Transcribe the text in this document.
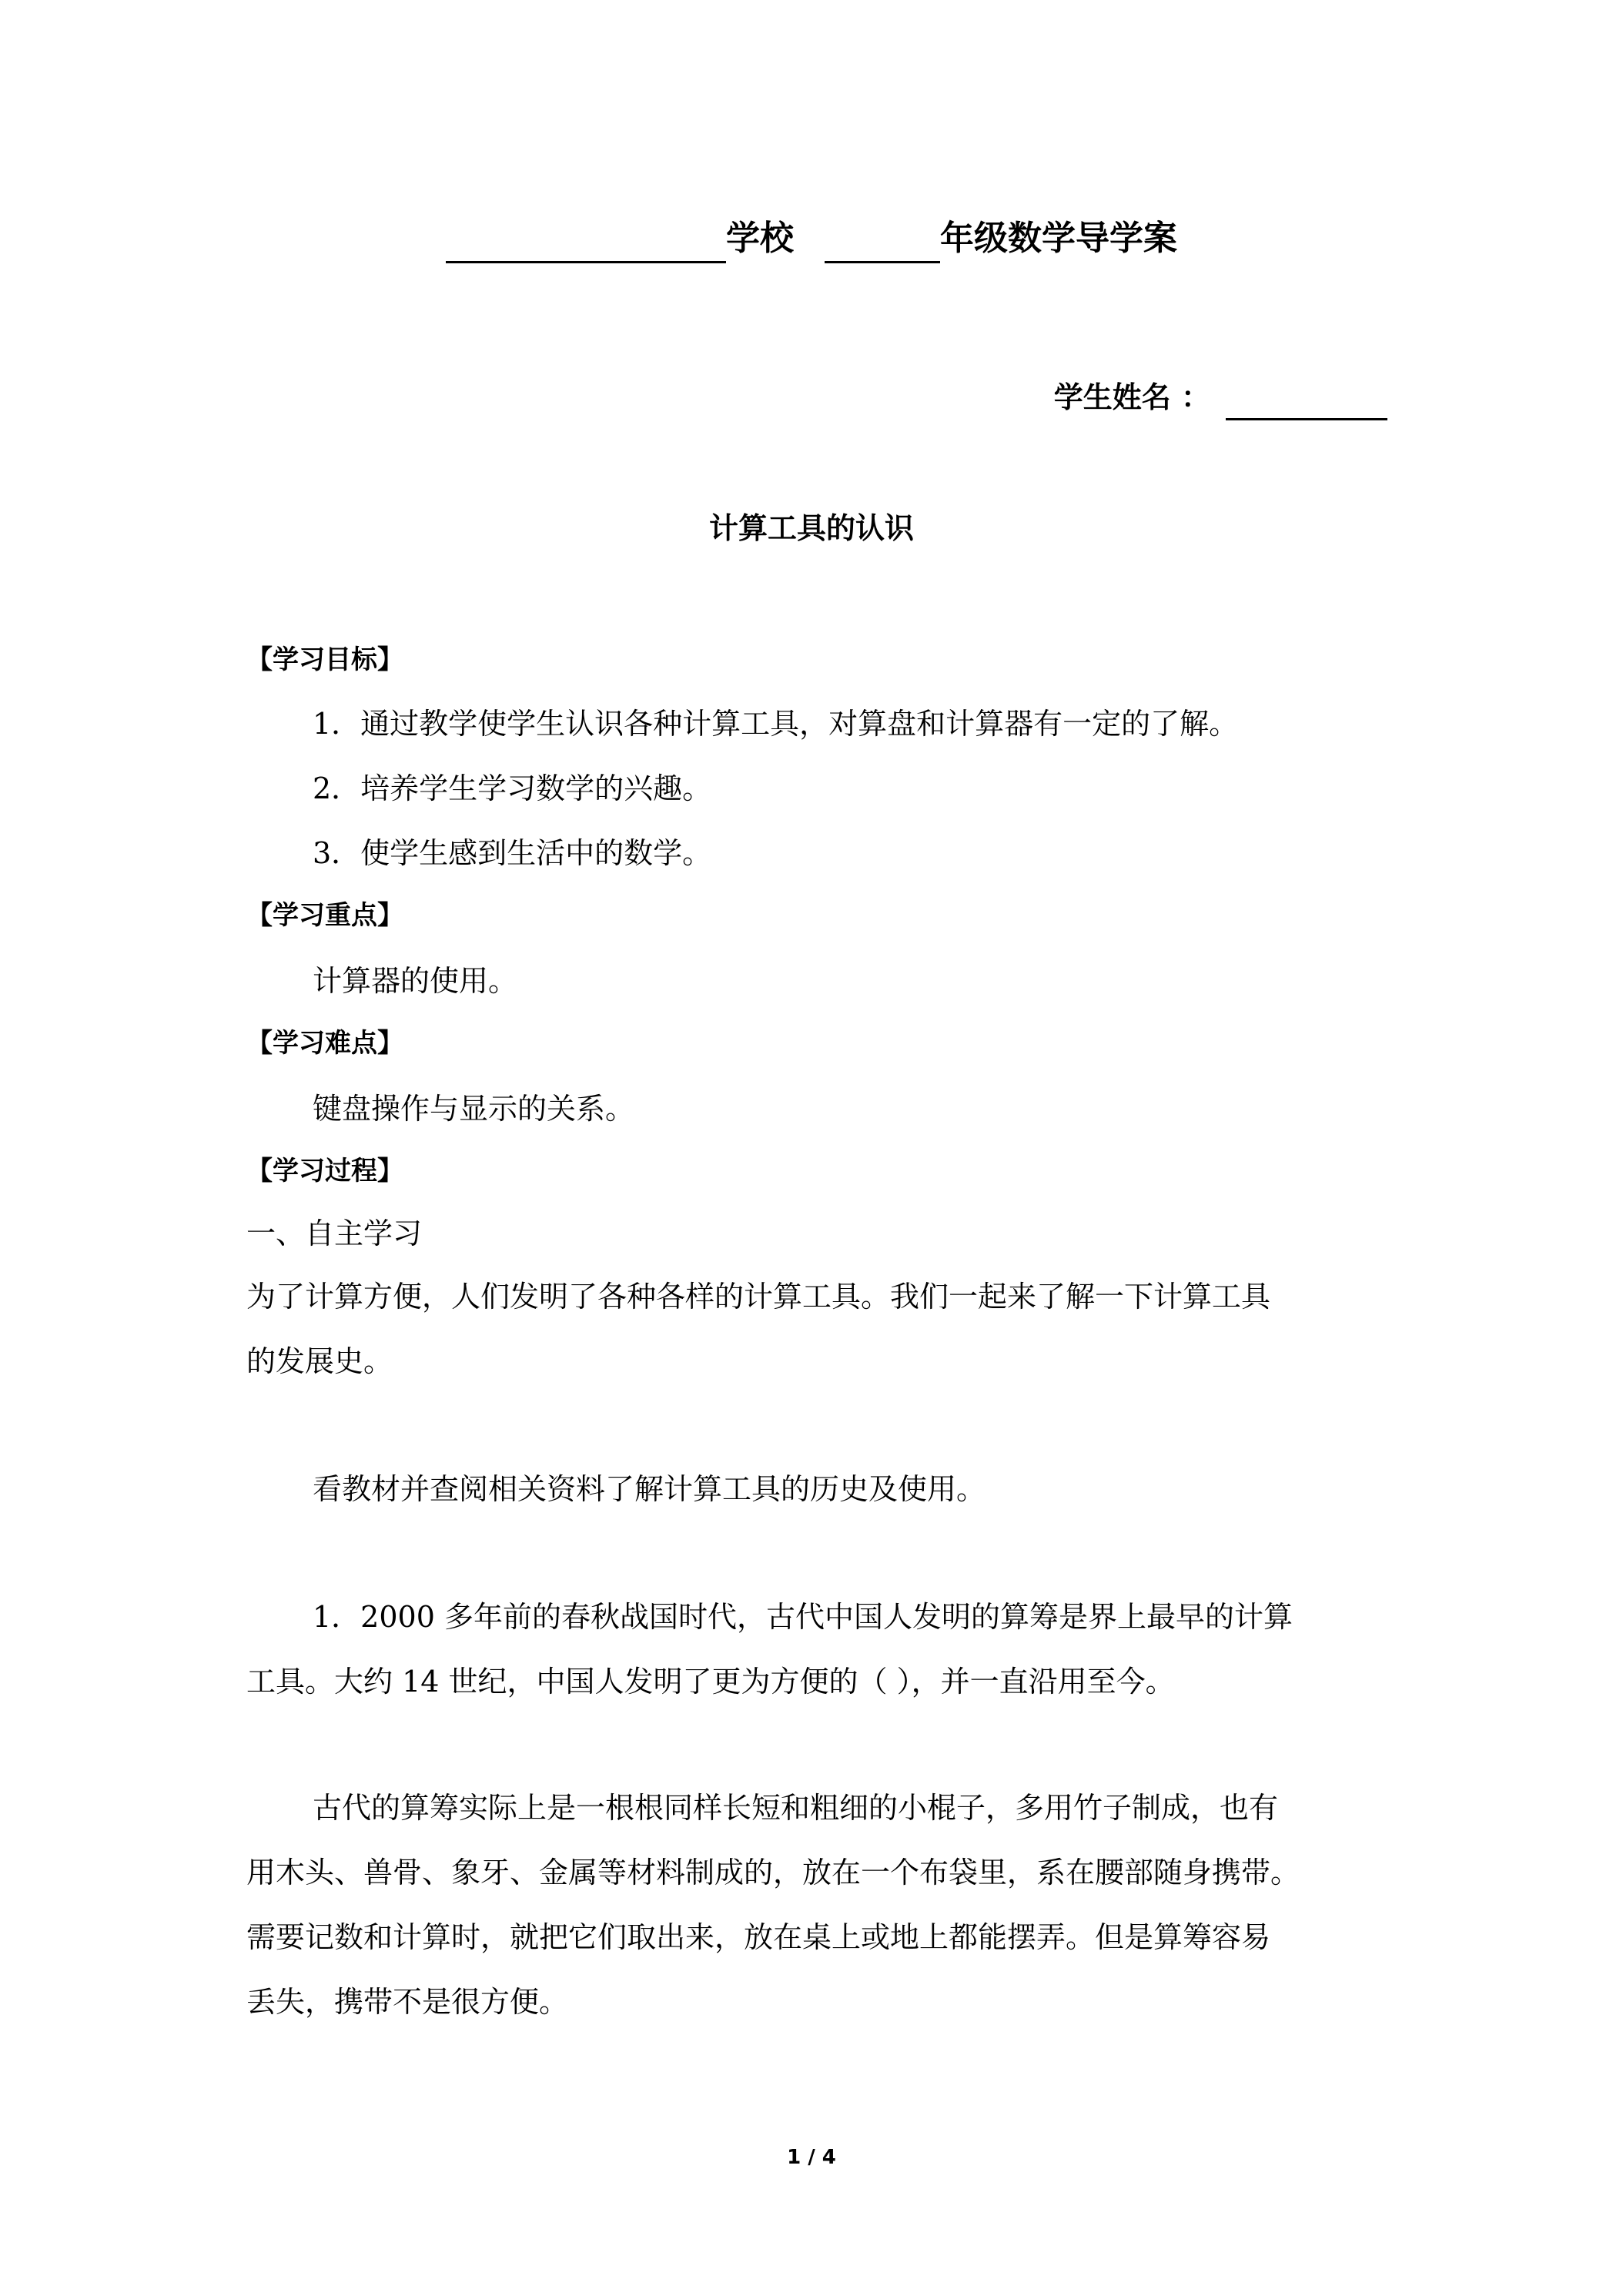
学校	年级数学导学案
学生姓名 ：
计算工具的认识
【学习目标】
1．通过教学使学生认识各种计算工具，对算盘和计算器有一定的了解。
2．培养学生学习数学的兴趣。
3．使学生感到生活中的数学。
【学习重点】
计算器的使用。
【学习难点】
键盘操作与显示的关系。
【学习过程】
一、自主学习
为了计算方便，人们发明了各种各样的计算工具。我们一起来了解一下计算工具
的发展史。
看教材并查阅相关资料了解计算工具的历史及使用。
1．2000 多年前的春秋战国时代，古代中国人发明的算筹是界上最早的计算
工具。大约 14 世纪，中国人发明了更为方便的（ ），并一直沿用至今。
古代的算筹实际上是一根根同样长短和粗细的小棍子，多用竹子制成，也有
用木头、兽骨、象牙、金属等材料制成的，放在一个布袋里，系在腰部随身携带。
需要记数和计算时，就把它们取出来，放在桌上或地上都能摆弄。但是算筹容易
丢失，携带不是很方便。
1 / 4
